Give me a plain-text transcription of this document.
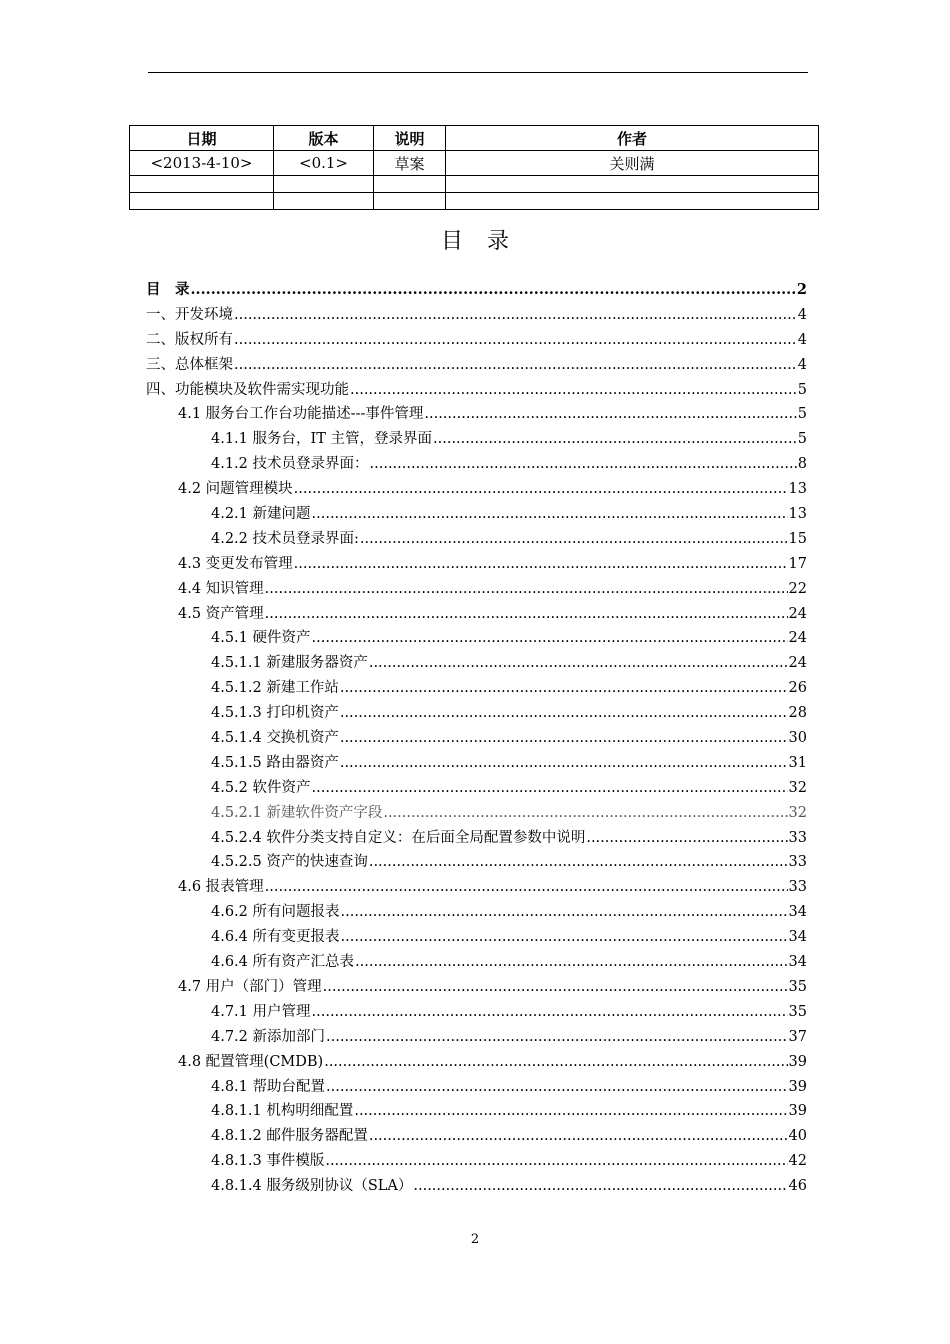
日期	版本	说明	作者
<2013-4-10>	<0.1>	草案	关则满

目录
目　录 .....	2
一、开发环境 .....	4
二、版权所有 .....	4
三、总体框架 .....	4
四、功能模块及软件需实现功能 .....	5
4.1 服务台工作台功能描述---事件管理 .....	5
4.1.1 服务台，IT 主管，登录界面 .....	5
4.1.2 技术员登录界面： .....	8
4.2 问题管理模块 .....	13
4.2.1 新建问题 .....	13
4.2.2 技术员登录界面: .....	15
4.3 变更发布管理 .....	17
4.4 知识管理 .....	22
4.5 资产管理 .....	24
4.5.1 硬件资产 .....	24
4.5.1.1 新建服务器资产 .....	24
4.5.1.2 新建工作站 .....	26
4.5.1.3 打印机资产 .....	28
4.5.1.4 交换机资产 .....	30
4.5.1.5 路由器资产 .....	31
4.5.2 软件资产 .....	32
4.5.2.1 新建软件资产字段 .....	32
4.5.2.4 软件分类支持自定义：在后面全局配置参数中说明 .....	33
4.5.2.5 资产的快速查询 .....	33
4.6 报表管理 .....	33
4.6.2 所有问题报表 .....	34
4.6.4 所有变更报表 .....	34
4.6.4 所有资产汇总表 .....	34
4.7 用户（部门）管理 .....	35
4.7.1 用户管理 .....	35
4.7.2 新添加部门 .....	37
4.8 配置管理(CMDB) .....	39
4.8.1 帮助台配置 .....	39
4.8.1.1 机构明细配置 .....	39
4.8.1.2 邮件服务器配置 .....	40
4.8.1.3 事件模版 .....	42
4.8.1.4 服务级别协议（SLA） .....	46
2
